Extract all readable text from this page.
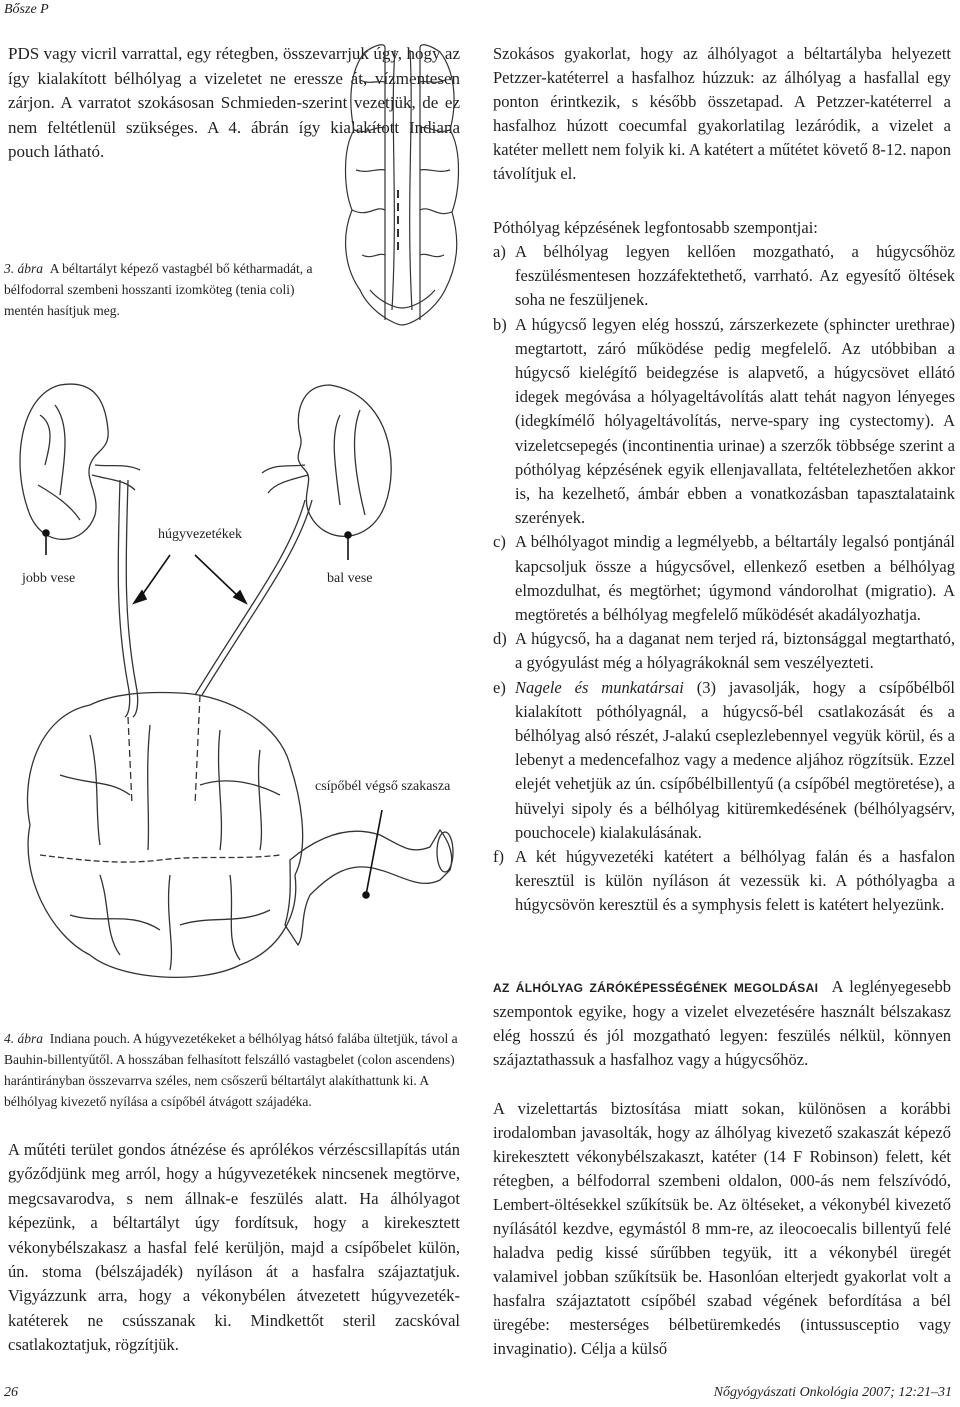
Bősze P

PDS vagy vicril varrattal, egy rétegben, összevarrjuk úgy, hogy az így kialakított bélhólyag a vizeletet ne eressze át, vízmentesen zárjon. A varratot szokásosan Schmieden-szerint vezetjük, de ez nem feltétlenül szükséges. A 4. ábrán így kialakított Indiana pouch látható.

3. ábra A béltartályt képező vastagbél bő kétharmadát, a bélfodorral szembeni hosszanti izomköteg (tenia coli) mentén hasítjuk meg.
húgyvezetékek
jobb vese	bal vese
csípőbél végső szakasza
4. ábra Indiana pouch. A húgyvezetékeket a bélhólyag hátsó falába ültetjük, távol a Bauhin-billentyűtől. A hosszában felhasított felszálló vastagbelet (colon ascendens) harántirányban összevarrva széles, nem csőszerű béltartályt alakíthattunk ki. A bélhólyag kivezető nyílása a csípőbél átvágott szájadéka.

A műtéti terület gondos átnézése és aprólékos vérzéscsillapítás után győződjünk meg arról, hogy a húgyvezetékek nincsenek megtörve, megcsavarodva, s nem állnak-e feszülés alatt. Ha álhólyagot képezünk, a béltartályt úgy fordítsuk, hogy a kirekesztett vékonybélszakasz a hasfal felé kerüljön, majd a csípőbelet külön, ún. stoma (bélszájadék) nyíláson át a hasfalra szájaztatjuk. Vigyázzunk arra, hogy a vékonybélen átvezetett húgyvezeték-katéterek ne csússzanak ki. Mindkettőt steril zacskóval csatlakoztatjuk, rögzítjük.

Szokásos gyakorlat, hogy az álhólyagot a béltartályba helyezett Petzzer-katéterrel a hasfalhoz húzzuk: az álhólyag a hasfallal egy ponton érintkezik, s később összetapad. A Petzzer-katéterrel a hasfalhoz húzott coecumfal gyakorlatilag lezáródik, a vizelet a katéter mellett nem folyik ki. A katétert a műtétet követő 8-12. napon távolítjuk el.

Póthólyag képzésének legfontosabb szempontjai:

a) A bélhólyag legyen kellően mozgatható, a húgycsőhöz feszülésmentesen hozzáfektethető, varrható. Az egyesítő öltések soha ne feszüljenek.
b) A húgycső legyen elég hosszú, zárszerkezete (sphincter urethrae) megtartott, záró működése pedig megfelelő. Az utóbbiban a húgycső kielégítő beidegzése is alapvető, a húgycsövet ellátó idegek megóvása a hólyageltávolítás alatt tehát nagyon lényeges (idegkímélő hólyageltávolítás, nerve-spary ing cystectomy). A vizeletcsepegés (incontinentia urinae) a szerzők többsége szerint a póthólyag képzésének egyik ellenjavallata, feltételezhetően akkor is, ha kezelhető, ámbár ebben a vonatkozásban tapasztalataink szerények.
c) A bélhólyagot mindig a legmélyebb, a béltartály legalsó pontjánál kapcsoljuk össze a húgycsővel, ellenkező esetben a bélhólyag elmozdulhat, és megtörhet; úgymond vándorolhat (migratio). A megtöretés a bélhólyag megfelelő működését akadályozhatja.
d) A húgycső, ha a daganat nem terjed rá, biztonsággal megtartható, a gyógyulást még a hólyagrákoknál sem veszélyezteti.
e) Nagele és munkatársai (3) javasolják, hogy a csípőbélből kialakított póthólyagnál, a húgycső-bél csatlakozását és a bélhólyag alsó részét, J-alakú cseplezlebennyel vegyük körül, és a lebenyt a medencefalhoz vagy a medence aljához rögzítsük. Ezzel elejét vehetjük az ún. csípőbélbillentyű (a csípőbél megtöretése), a hüvelyi sipoly és a bélhólyag kitüremkedésének (bélhólyagsérv, pouchocele) kialakulásának.
f) A két húgyvezetéki katétert a bélhólyag falán és a hasfalon keresztül is külön nyíláson át vezessük ki. A póthólyagba a húgycsövön keresztül és a symphysis felett is katétert helyezünk.

AZ ÁLHÓLYAG ZÁRÓKÉPESSÉGÉNEK MEGOLDÁSAI A leglényegesebb szempontok egyike, hogy a vizelet elvezetésére használt bélszakasz elég hosszú és jól mozgatható legyen: feszülés nélkül, könnyen szájaztathassuk a hasfalhoz vagy a húgycsőhöz.

A vizelettartás biztosítása miatt sokan, különösen a korábbi irodalomban javasolták, hogy az álhólyag kivezető szakaszát képező kirekesztett vékonybélszakaszt, katéter (14 F Robinson) felett, két rétegben, a bélfodorral szembeni oldalon, 000-ás nem felszívódó, Lembert-öltésekkel szűkítsük be. Az öltéseket, a vékonybél kivezető nyílásától kezdve, egymástól 8 mm-re, az ileocoecalis billentyű felé haladva pedig kissé sűrűbben tegyük, itt a vékonybél üregét valamivel jobban szűkítsük be. Hasonlóan elterjedt gyakorlat volt a hasfalra szájaztatott csípőbél szabad végének befordítása a bél üregébe: mesterséges bélbetüremkedés (intussusceptio vagy invaginatio). Célja a külső

26	Nőgyógyászati Onkológia 2007; 12:21–31
